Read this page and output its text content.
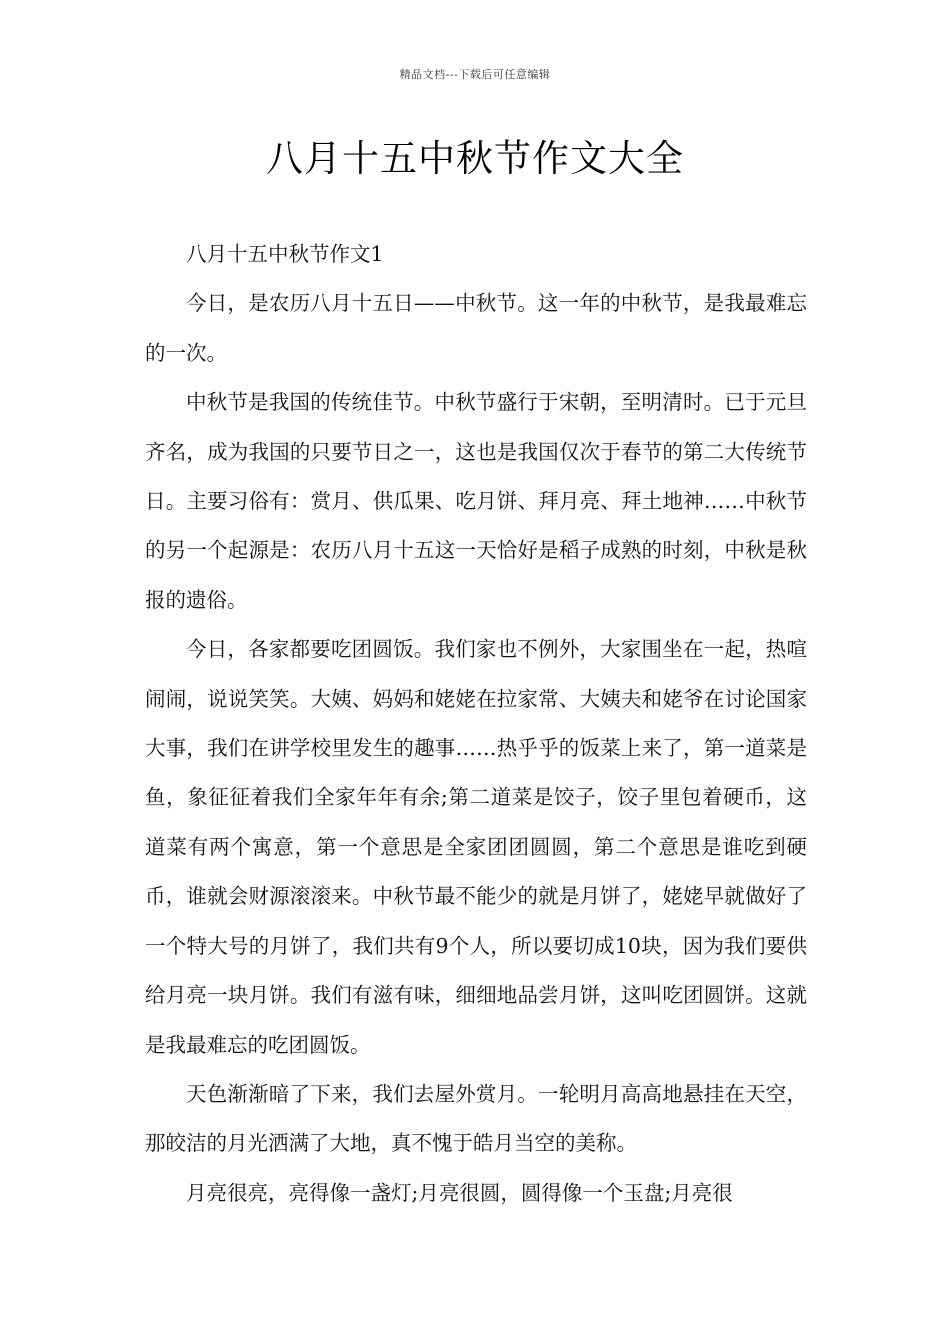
精品文档---下载后可任意编辑
八月十五中秋节作文大全

八月十五中秋节作文1

今日，是农历八月十五日——中秋节。这一年的中秋节，是我最难忘的一次。

中秋节是我国的传统佳节。中秋节盛行于宋朝，至明清时。已于元旦齐名，成为我国的只要节日之一，这也是我国仅次于春节的第二大传统节日。主要习俗有：赏月、供瓜果、吃月饼、拜月亮、拜土地神……中秋节的另一个起源是：农历八月十五这一天恰好是稻子成熟的时刻，中秋是秋报的遗俗。

今日，各家都要吃团圆饭。我们家也不例外，大家围坐在一起，热喧闹闹，说说笑笑。大姨、妈妈和姥姥在拉家常、大姨夫和姥爷在讨论国家大事，我们在讲学校里发生的趣事……热乎乎的饭菜上来了，第一道菜是鱼，象征征着我们全家年年有余;第二道菜是饺子，饺子里包着硬币，这道菜有两个寓意，第一个意思是全家团团圆圆，第二个意思是谁吃到硬币，谁就会财源滚滚来。中秋节最不能少的就是月饼了，姥姥早就做好了一个特大号的月饼了，我们共有9个人，所以要切成10块，因为我们要供给月亮一块月饼。我们有滋有味，细细地品尝月饼，这叫吃团圆饼。这就是我最难忘的吃团圆饭。

天色渐渐暗了下来，我们去屋外赏月。一轮明月高高地悬挂在天空，那皎洁的月光洒满了大地，真不愧于皓月当空的美称。

月亮很亮，亮得像一盏灯;月亮很圆，圆得像一个玉盘;月亮很
